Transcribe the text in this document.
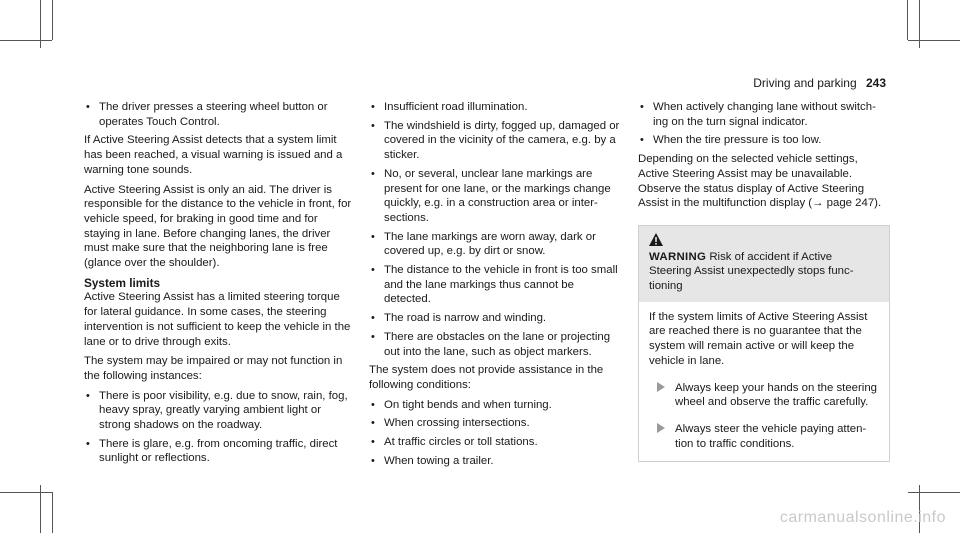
Driving and parking 243
• The driver presses a steering wheel button or operates Touch Control.

If Active Steering Assist detects that a system limit has been reached, a visual warning is issued and a warning tone sounds.

Active Steering Assist is only an aid. The driver is responsible for the distance to the vehicle in front, for vehicle speed, for braking in good time and for staying in lane. Before changing lanes, the driver must make sure that the neighboring lane is free (glance over the shoulder).

System limits

Active Steering Assist has a limited steering torque for lateral guidance. In some cases, the steering intervention is not sufficient to keep the vehicle in the lane or to drive through exits.

The system may be impaired or may not function in the following instances:

• There is poor visibility, e.g. due to snow, rain, fog, heavy spray, greatly varying ambient light or strong shadows on the roadway.
• There is glare, e.g. from oncoming traffic, direct sunlight or reflections.
• Insufficient road illumination.
• The windshield is dirty, fogged up, damaged or covered in the vicinity of the camera, e.g. by a sticker.
• No, or several, unclear lane markings are present for one lane, or the markings change quickly, e.g. in a construction area or inter‐sections.
• The lane markings are worn away, dark or covered up, e.g. by dirt or snow.
• The distance to the vehicle in front is too small and the lane markings thus cannot be detected.
• The road is narrow and winding.
• There are obstacles on the lane or projecting out into the lane, such as object markers.

The system does not provide assistance in the following conditions:

• On tight bends and when turning.
• When crossing intersections.
• At traffic circles or toll stations.
• When towing a trailer.
• When actively changing lane without switch‐ing on the turn signal indicator.
• When the tire pressure is too low.

Depending on the selected vehicle settings, Active Steering Assist may be unavailable. Observe the status display of Active Steering Assist in the multifunction display (→ page 247).

WARNING Risk of accident if Active Steering Assist unexpectedly stops func‐tioning

If the system limits of Active Steering Assist are reached there is no guarantee that the system will remain active or will keep the vehicle in lane.

Always keep your hands on the steering wheel and observe the traffic carefully.
Always steer the vehicle paying atten‐tion to traffic conditions.
carmanualsonline.info
